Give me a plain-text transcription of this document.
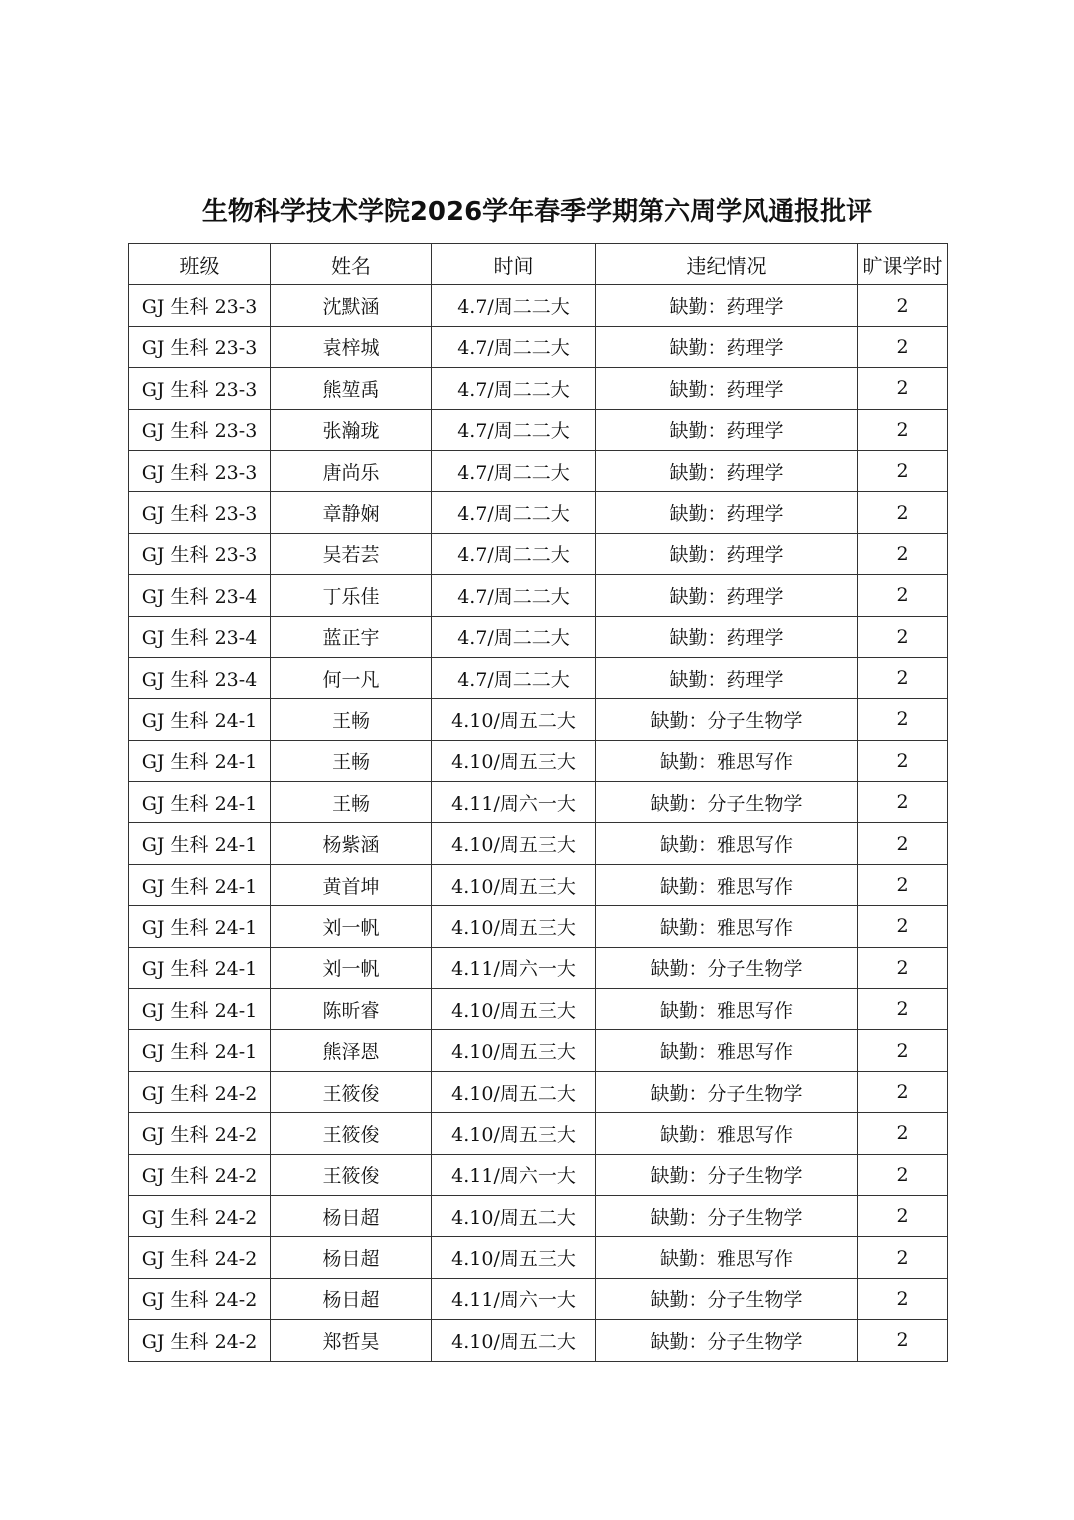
生物科学技术学院2026学年春季学期第六周学风通报批评
班级	姓名	时间	违纪情况	旷课学时
GJ 生科 23-3	沈默涵	4.7/周二二大	缺勤：药理学	2
GJ 生科 23-3	袁梓城	4.7/周二二大	缺勤：药理学	2
GJ 生科 23-3	熊堃禹	4.7/周二二大	缺勤：药理学	2
GJ 生科 23-3	张瀚珑	4.7/周二二大	缺勤：药理学	2
GJ 生科 23-3	唐尚乐	4.7/周二二大	缺勤：药理学	2
GJ 生科 23-3	章静娴	4.7/周二二大	缺勤：药理学	2
GJ 生科 23-3	吴若芸	4.7/周二二大	缺勤：药理学	2
GJ 生科 23-4	丁乐佳	4.7/周二二大	缺勤：药理学	2
GJ 生科 23-4	蓝正宇	4.7/周二二大	缺勤：药理学	2
GJ 生科 23-4	何一凡	4.7/周二二大	缺勤：药理学	2
GJ 生科 24-1	王畅	4.10/周五二大	缺勤：分子生物学	2
GJ 生科 24-1	王畅	4.10/周五三大	缺勤：雅思写作	2
GJ 生科 24-1	王畅	4.11/周六一大	缺勤：分子生物学	2
GJ 生科 24-1	杨紫涵	4.10/周五三大	缺勤：雅思写作	2
GJ 生科 24-1	黄首坤	4.10/周五三大	缺勤：雅思写作	2
GJ 生科 24-1	刘一帆	4.10/周五三大	缺勤：雅思写作	2
GJ 生科 24-1	刘一帆	4.11/周六一大	缺勤：分子生物学	2
GJ 生科 24-1	陈昕睿	4.10/周五三大	缺勤：雅思写作	2
GJ 生科 24-1	熊泽恩	4.10/周五三大	缺勤：雅思写作	2
GJ 生科 24-2	王筱俊	4.10/周五二大	缺勤：分子生物学	2
GJ 生科 24-2	王筱俊	4.10/周五三大	缺勤：雅思写作	2
GJ 生科 24-2	王筱俊	4.11/周六一大	缺勤：分子生物学	2
GJ 生科 24-2	杨日超	4.10/周五二大	缺勤：分子生物学	2
GJ 生科 24-2	杨日超	4.10/周五三大	缺勤：雅思写作	2
GJ 生科 24-2	杨日超	4.11/周六一大	缺勤：分子生物学	2
GJ 生科 24-2	郑哲昊	4.10/周五二大	缺勤：分子生物学	2
